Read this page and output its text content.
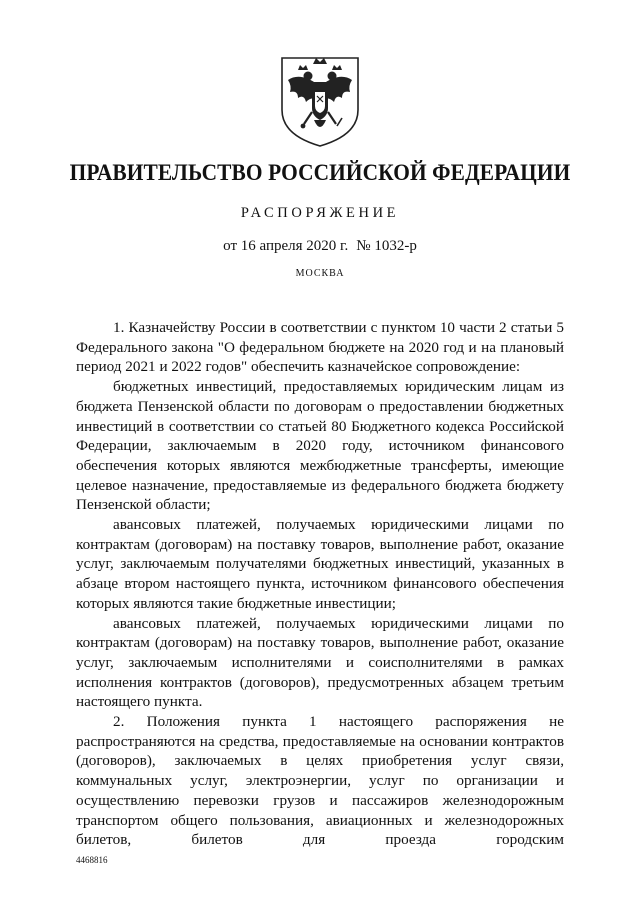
ПРАВИТЕЛЬСТВО РОССИЙСКОЙ ФЕДЕРАЦИИ
РАСПОРЯЖЕНИЕ
от 16 апреля 2020 г. № 1032-р
МОСКВА

1. Казначейству России в соответствии с пунктом 10 части 2 статьи 5 Федерального закона "О федеральном бюджете на 2020 год и на плановый период 2021 и 2022 годов" обеспечить казначейское сопровождение:

бюджетных инвестиций, предоставляемых юридическим лицам из бюджета Пензенской области по договорам о предоставлении бюджетных инвестиций в соответствии со статьей 80 Бюджетного кодекса Российской Федерации, заключаемым в 2020 году, источником финансового обеспечения которых являются межбюджетные трансферты, имеющие целевое назначение, предоставляемые из федерального бюджета бюджету Пензенской области;

авансовых платежей, получаемых юридическими лицами по контрактам (договорам) на поставку товаров, выполнение работ, оказание услуг, заключаемым получателями бюджетных инвестиций, указанных в абзаце втором настоящего пункта, источником финансового обеспечения которых являются такие бюджетные инвестиции;

авансовых платежей, получаемых юридическими лицами по контрактам (договорам) на поставку товаров, выполнение работ, оказание услуг, заключаемым исполнителями и соисполнителями в рамках исполнения контрактов (договоров), предусмотренных абзацем третьим настоящего пункта.

2. Положения пункта 1 настоящего распоряжения не распространяются на средства, предоставляемые на основании контрактов (договоров), заключаемых в целях приобретения услуг связи, коммунальных услуг, электроэнергии, услуг по организации и осуществлению перевозки грузов и пассажиров железнодорожным транспортом общего пользования, авиационных и железнодорожных билетов, билетов для проезда городским

4468816
